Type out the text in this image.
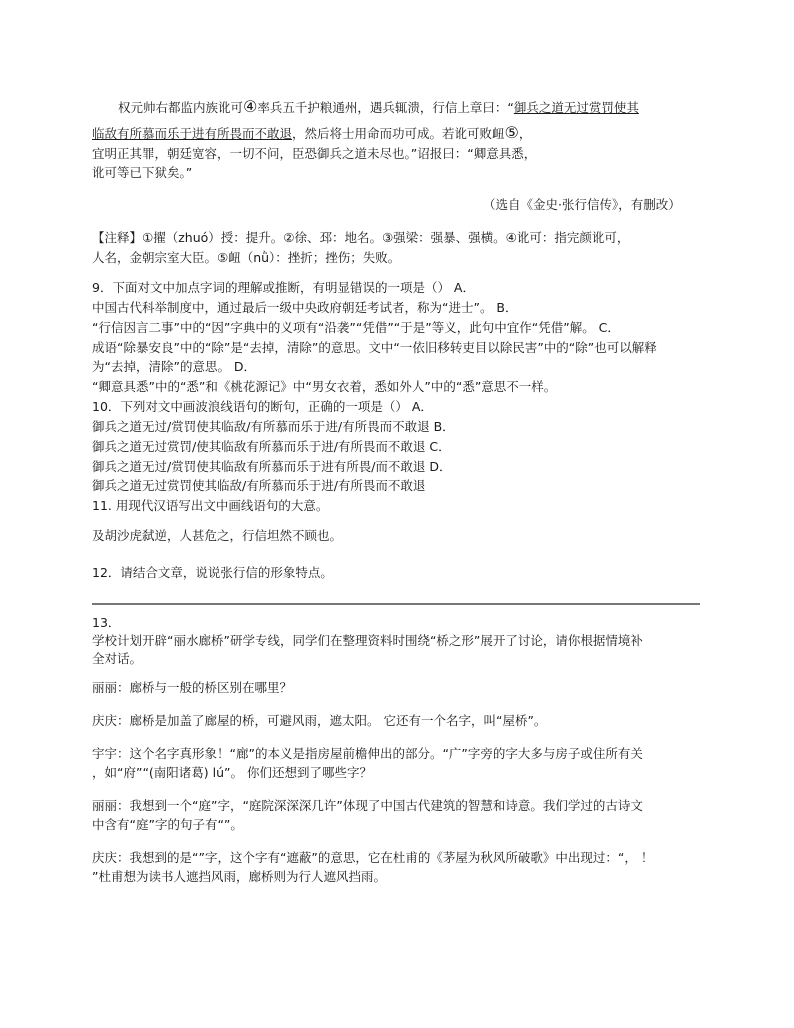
权元帅右都监内族讹可④率兵五千护粮通州，遇兵辄溃，行信上章曰：“御兵之道无过赏罚使其
临敌有所慕而乐于进有所畏而不敢退，然后将士用命而功可成。若讹可败衄⑤，
宜明正其罪，朝廷宽容，一切不问，臣恐御兵之道未尽也。”诏报曰：“卿意具悉，
讹可等已下狱矣。”
（选自《金史·张行信传》，有删改）
【注释】①擢（zhuó）授：提升。②徐、邳：地名。③强梁：强暴、强横。④讹可：指完颜讹可，
人名，金朝宗室大臣。⑤衄（nǜ）：挫折；挫伤；失败。
9．下面对文中加点字词的理解或推断，有明显错误的一项是（） A．
中国古代科举制度中，通过最后一级中央政府朝廷考试者，称为“进士”。 B．
“行信因言二事”中的“因”字典中的义项有“沿袭”“凭借”“于是”等义，此句中宜作“凭借”解。 C．
成语“除暴安良”中的“除”是“去掉，清除”的意思。文中“一依旧移转吏目以除民害”中的“除”也可以解释
为“去掉，清除”的意思。 D．
“卿意具悉”中的“悉”和《桃花源记》中“男女衣着，悉如外人”中的“悉”意思不一样。
10．下列对文中画波浪线语句的断句，正确的一项是（） A．
御兵之道无过/赏罚使其临敌/有所慕而乐于进/有所畏而不敢退 B．
御兵之道无过赏罚/使其临敌有所慕而乐于进/有所畏而不敢退 C．
御兵之道无过/赏罚使其临敌有所慕而乐于进有所畏/而不敢退 D．
御兵之道无过赏罚使其临敌/有所慕而乐于进/有所畏而不敢退
11. 用现代汉语写出文中画线语句的大意。
及胡沙虎弑逆，人甚危之，行信坦然不顾也。
12．请结合文章，说说张行信的形象特点。
13．
学校计划开辟“丽水廊桥”研学专线，同学们在整理资料时围绕“桥之形”展开了讨论，请你根据情境补
全对话。
丽丽：廊桥与一般的桥区别在哪里？
庆庆：廊桥是加盖了廊屋的桥，可避风雨，遮太阳。 它还有一个名字，叫“屋桥”。
宇宇：这个名字真形象！“廊”的本义是指房屋前檐伸出的部分。“广”字旁的字大多与房子或住所有关
，如“府”“(南阳诸葛) lú”。 你们还想到了哪些字？
丽丽：我想到一个“庭”字，“庭院深深深几许”体现了中国古代建筑的智慧和诗意。我们学过的古诗文
中含有“庭”字的句子有“”。
庆庆：我想到的是“”字，这个字有“遮蔽”的意思，它在杜甫的《茅屋为秋风所破歌》中出现过：“， ！
”杜甫想为读书人遮挡风雨，廊桥则为行人遮风挡雨。
